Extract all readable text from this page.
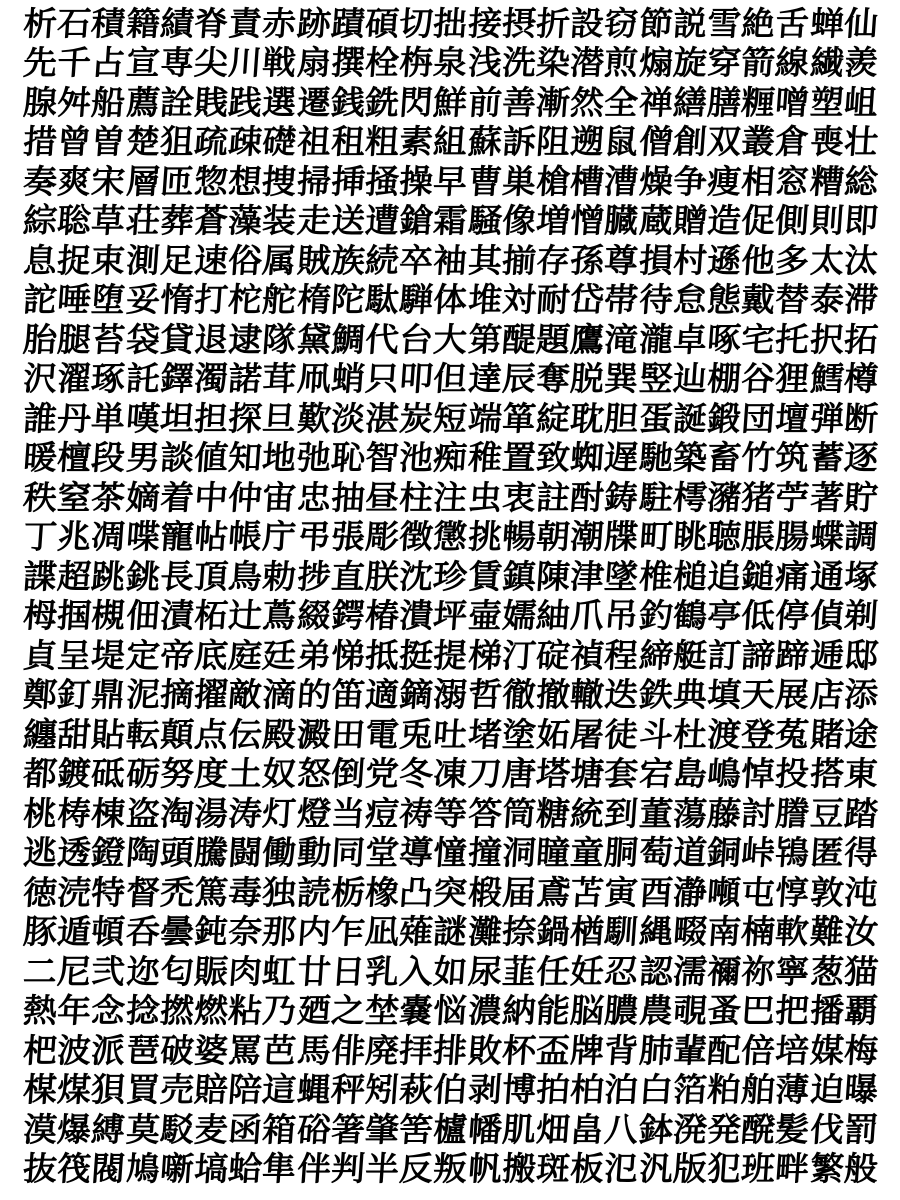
析
石
積
籍
績
脊
責
赤
跡
蹟
碩
切
拙
接
摂
折
設
窃
節
説
雪
絶
舌
蝉
仙
先
千
占
宣
専
尖
川
戦
扇
撰
栓
栴
泉
浅
洗
染
潜
煎
煽
旋
穿
箭
線
繊
羨
腺
舛
船
薦
詮
賎
践
選
遷
銭
銑
閃
鮮
前
善
漸
然
全
禅
繕
膳
糎
噌
塑
岨
措
曾
曽
楚
狙
疏
疎
礎
祖
租
粗
素
組
蘇
訴
阻
遡
鼠
僧
創
双
叢
倉
喪
壮
奏
爽
宋
層
匝
惣
想
捜
掃
挿
掻
操
早
曹
巣
槍
槽
漕
燥
争
痩
相
窓
糟
総
綜
聡
草
荘
葬
蒼
藻
装
走
送
遭
鎗
霜
騒
像
増
憎
臓
蔵
贈
造
促
側
則
即
息
捉
束
測
足
速
俗
属
賊
族
続
卒
袖
其
揃
存
孫
尊
損
村
遜
他
多
太
汰
詑
唾
堕
妥
惰
打
柁
舵
楕
陀
駄
騨
体
堆
対
耐
岱
帯
待
怠
態
戴
替
泰
滞
胎
腿
苔
袋
貸
退
逮
隊
黛
鯛
代
台
大
第
醍
題
鷹
滝
瀧
卓
啄
宅
托
択
拓
沢
濯
琢
託
鐸
濁
諾
茸
凧
蛸
只
叩
但
達
辰
奪
脱
巽
竪
辿
棚
谷
狸
鱈
樽
誰
丹
単
嘆
坦
担
探
旦
歎
淡
湛
炭
短
端
箪
綻
耽
胆
蛋
誕
鍛
団
壇
弾
断
暖
檀
段
男
談
値
知
地
弛
恥
智
池
痴
稚
置
致
蜘
遅
馳
築
畜
竹
筑
蓄
逐
秩
窒
茶
嫡
着
中
仲
宙
忠
抽
昼
柱
注
虫
衷
註
酎
鋳
駐
樗
瀦
猪
苧
著
貯
丁
兆
凋
喋
寵
帖
帳
庁
弔
張
彫
徴
懲
挑
暢
朝
潮
牒
町
眺
聴
脹
腸
蝶
調
諜
超
跳
銚
長
頂
鳥
勅
捗
直
朕
沈
珍
賃
鎮
陳
津
墜
椎
槌
追
鎚
痛
通
塚
栂
掴
槻
佃
漬
柘
辻
蔦
綴
鍔
椿
潰
坪
壷
嬬
紬
爪
吊
釣
鶴
亭
低
停
偵
剃
貞
呈
堤
定
帝
底
庭
廷
弟
悌
抵
挺
提
梯
汀
碇
禎
程
締
艇
訂
諦
蹄
逓
邸
鄭
釘
鼎
泥
摘
擢
敵
滴
的
笛
適
鏑
溺
哲
徹
撤
轍
迭
鉄
典
填
天
展
店
添
纏
甜
貼
転
顛
点
伝
殿
澱
田
電
兎
吐
堵
塗
妬
屠
徒
斗
杜
渡
登
菟
賭
途
都
鍍
砥
砺
努
度
土
奴
怒
倒
党
冬
凍
刀
唐
塔
塘
套
宕
島
嶋
悼
投
搭
東
桃
梼
棟
盗
淘
湯
涛
灯
燈
当
痘
祷
等
答
筒
糖
統
到
董
蕩
藤
討
謄
豆
踏
逃
透
鐙
陶
頭
騰
闘
働
動
同
堂
導
憧
撞
洞
瞳
童
胴
萄
道
銅
峠
鴇
匿
得
徳
涜
特
督
禿
篤
毒
独
読
栃
橡
凸
突
椴
届
鳶
苫
寅
酉
瀞
噸
屯
惇
敦
沌
豚
遁
頓
呑
曇
鈍
奈
那
内
乍
凪
薙
謎
灘
捺
鍋
楢
馴
縄
畷
南
楠
軟
難
汝
二
尼
弐
迩
匂
賑
肉
虹
廿
日
乳
入
如
尿
韮
任
妊
忍
認
濡
禰
祢
寧
葱
猫
熱
年
念
捻
撚
燃
粘
乃
廼
之
埜
嚢
悩
濃
納
能
脳
膿
農
覗
蚤
巴
把
播
覇
杷
波
派
琶
破
婆
罵
芭
馬
俳
廃
拝
排
敗
杯
盃
牌
背
肺
輩
配
倍
培
媒
梅
楳
煤
狽
買
売
賠
陪
這
蝿
秤
矧
萩
伯
剥
博
拍
柏
泊
白
箔
粕
舶
薄
迫
曝
漠
爆
縛
莫
駁
麦
函
箱
硲
箸
肇
筈
櫨
幡
肌
畑
畠
八
鉢
溌
発
醗
髪
伐
罰
抜
筏
閥
鳩
噺
塙
蛤
隼
伴
判
半
反
叛
帆
搬
斑
板
氾
汎
版
犯
班
畔
繁
般
